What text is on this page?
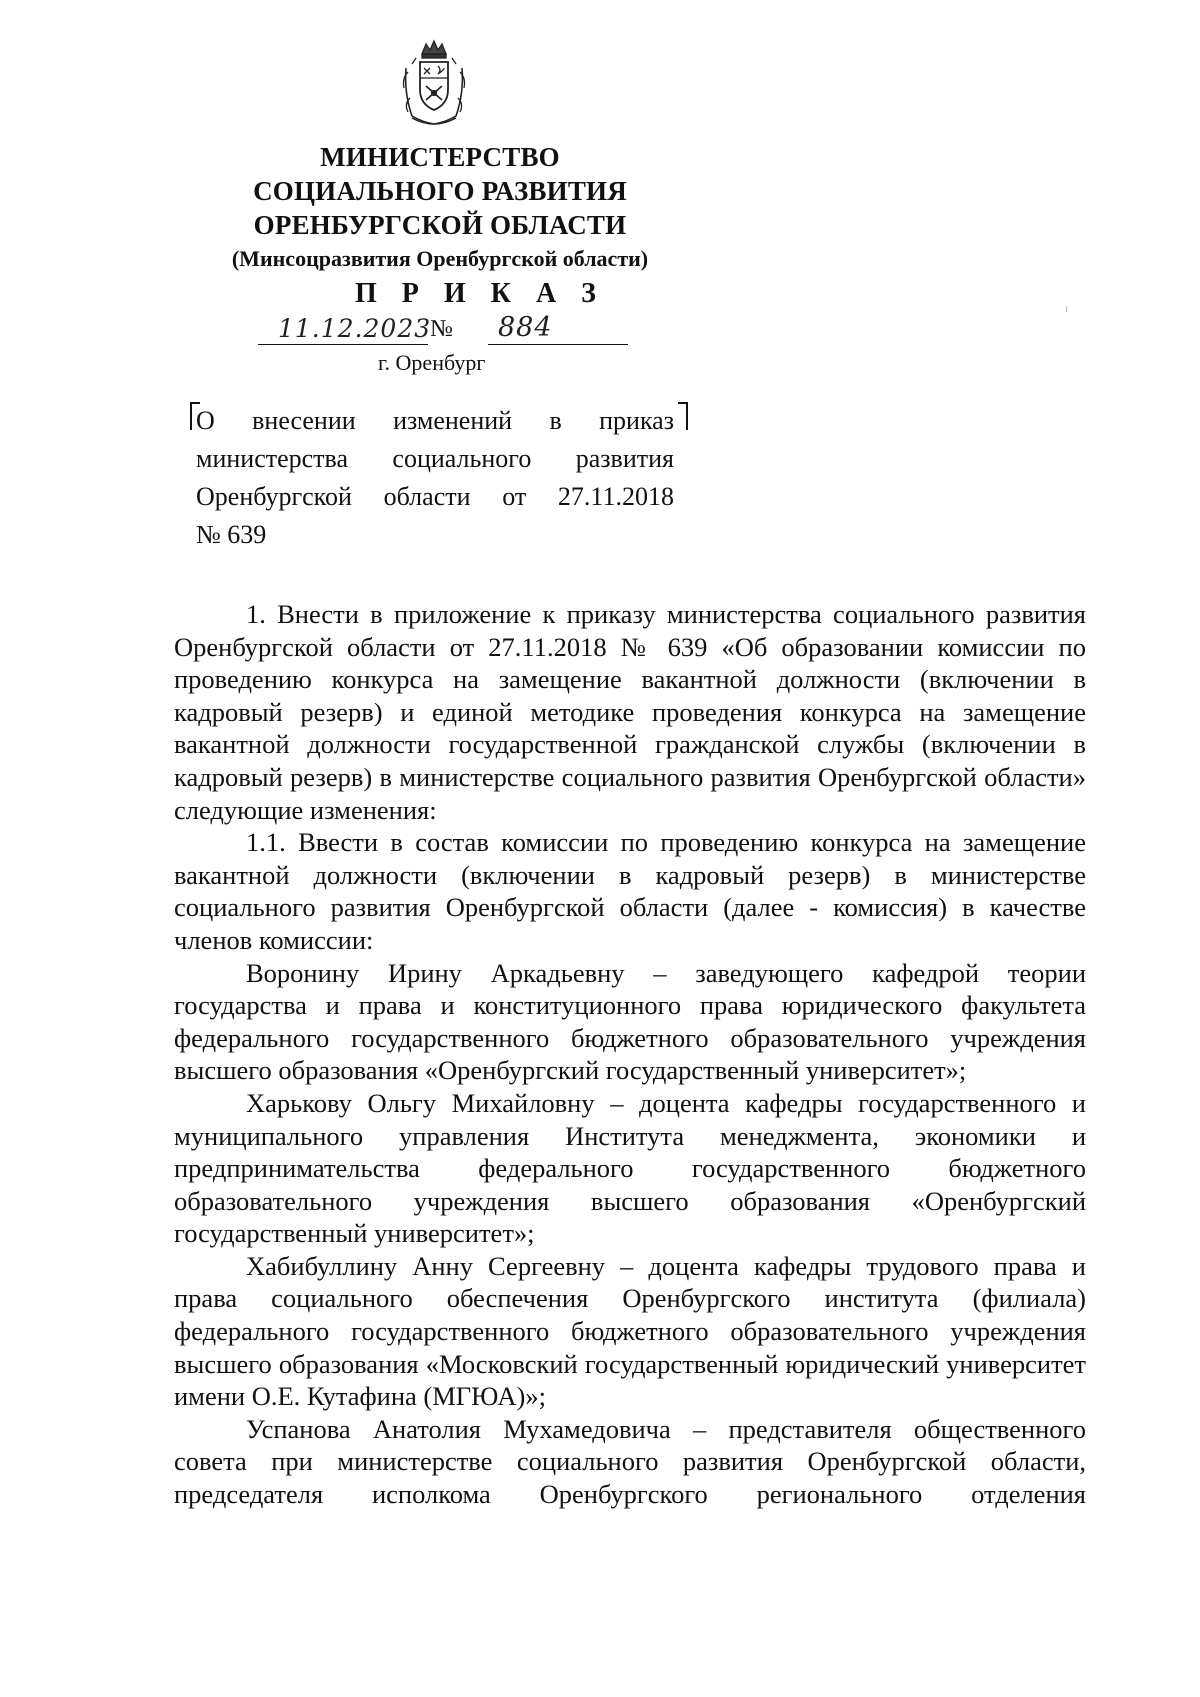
МИНИСТЕРСТВО
СОЦИАЛЬНОГО РАЗВИТИЯ
ОРЕНБУРГСКОЙ ОБЛАСТИ
(Минсоцразвития Оренбургской области)
П Р И К А З
11.12.2023
№ 884
г. Оренбург
О внесении изменений в приказ
министерства социального развития
Оренбургской области от 27.11.2018
№ 639

1. Внести в приложение к приказу министерства социального развития Оренбургской области от 27.11.2018 № 639 «Об образовании комиссии по проведению конкурса на замещение вакантной должности (включении в кадровый резерв) и единой методике проведения конкурса на замещение вакантной должности государственной гражданской службы (включении в кадровый резерв) в министерстве социального развития Оренбургской области» следующие изменения:

1.1. Ввести в состав комиссии по проведению конкурса на замещение вакантной должности (включении в кадровый резерв) в министерстве социального развития Оренбургской области (далее - комиссия) в качестве членов комиссии:

Воронину Ирину Аркадьевну – заведующего кафедрой теории государства и права и конституционного права юридического факультета федерального государственного бюджетного образовательного учреждения высшего образования «Оренбургский государственный университет»;

Харькову Ольгу Михайловну – доцента кафедры государственного и муниципального управления Института менеджмента, экономики и предпринимательства федерального государственного бюджетного образовательного учреждения высшего образования «Оренбургский государственный университет»;

Хабибуллину Анну Сергеевну – доцента кафедры трудового права и права социального обеспечения Оренбургского института (филиала) федерального государственного бюджетного образовательного учреждения высшего образования «Московский государственный юридический университет имени О.Е. Кутафина (МГЮА)»;

Успанова Анатолия Мухамедовича – представителя общественного совета при министерстве социального развития Оренбургской области, председателя исполкома Оренбургского регионального отделения
